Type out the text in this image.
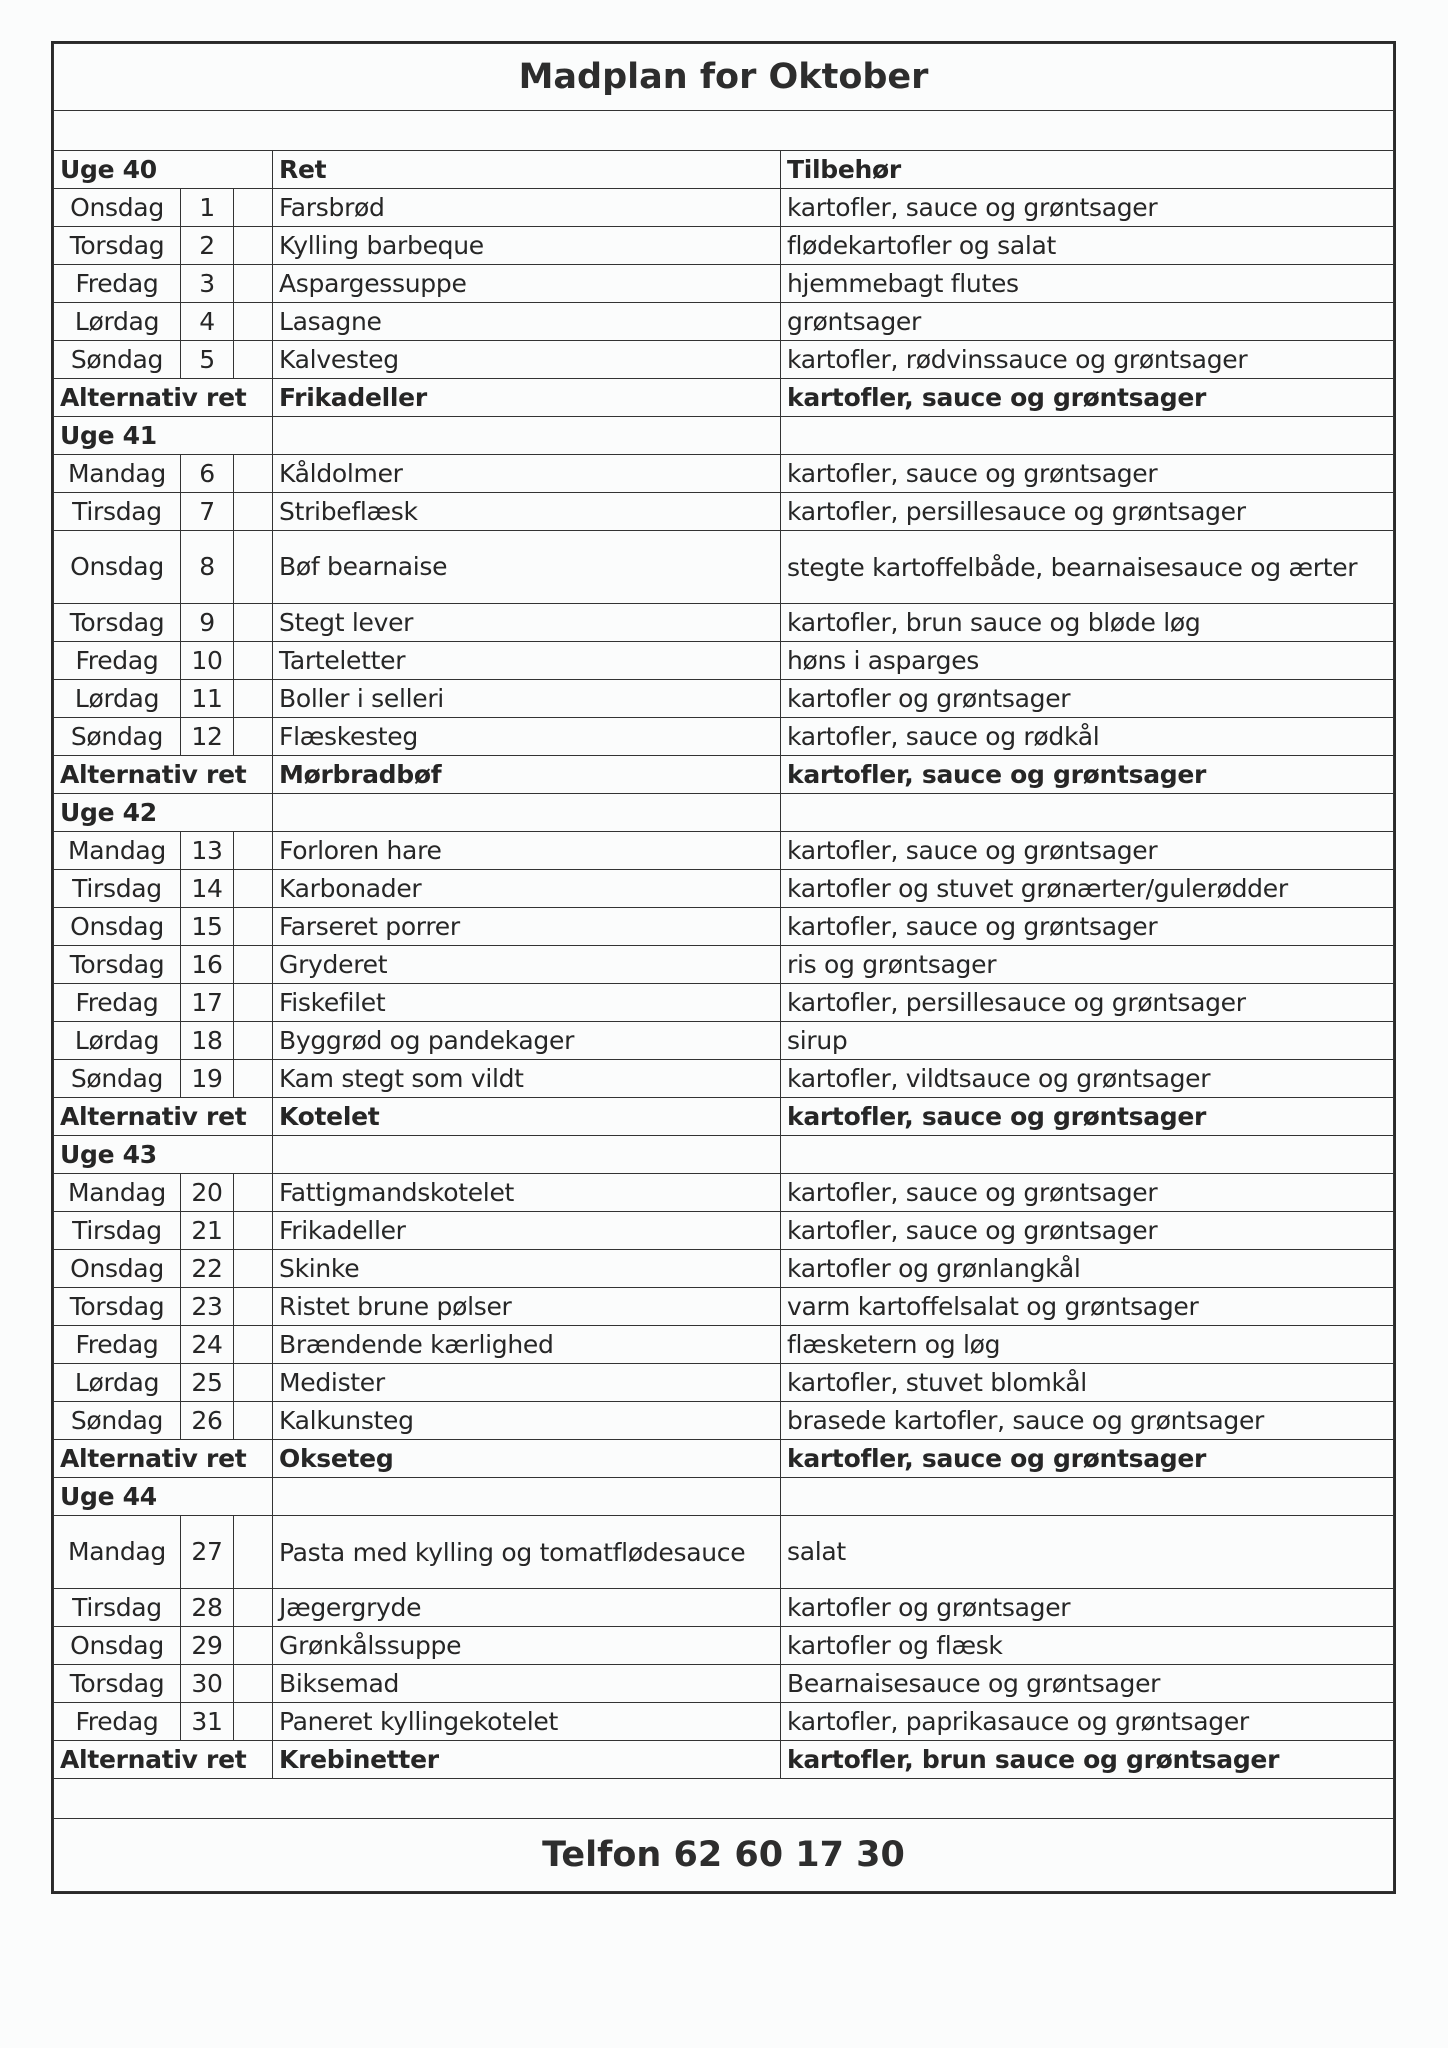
Madplan for Oktober				

Uge 40			Ret	Tilbehør
Onsdag	1		Farsbrød	kartofler, sauce og grøntsager
Torsdag	2		Kylling barbeque	flødekartofler og salat
Fredag	3		Aspargessuppe	hjemmebagt flutes
Lørdag	4		Lasagne	grøntsager
Søndag	5		Kalvesteg	kartofler, rødvinssauce og grøntsager
Alternativ ret			Frikadeller	kartofler, sauce og grøntsager
Uge 41				
Mandag	6		Kåldolmer	kartofler, sauce og grøntsager
Tirsdag	7		Stribeflæsk	kartofler, persillesauce og grøntsager
Onsdag	8		Bøf bearnaise	stegte kartoffelbåde, bearnaisesauce og ærter
Torsdag	9		Stegt lever	kartofler, brun sauce og bløde løg
Fredag	10		Tarteletter	høns i asparges
Lørdag	11		Boller i selleri	kartofler og grøntsager
Søndag	12		Flæskesteg	kartofler, sauce og rødkål
Alternativ ret			Mørbradbøf	kartofler, sauce og grøntsager
Uge 42				
Mandag	13		Forloren hare	kartofler, sauce og grøntsager
Tirsdag	14		Karbonader	kartofler og stuvet grønærter/gulerødder
Onsdag	15		Farseret porrer	kartofler, sauce og grøntsager
Torsdag	16		Gryderet	ris og grøntsager
Fredag	17		Fiskefilet	kartofler, persillesauce og grøntsager
Lørdag	18		Byggrød og pandekager	sirup
Søndag	19		Kam stegt som vildt	kartofler, vildtsauce og grøntsager
Alternativ ret			Kotelet	kartofler, sauce og grøntsager
Uge 43				
Mandag	20		Fattigmandskotelet	kartofler, sauce og grøntsager
Tirsdag	21		Frikadeller	kartofler, sauce og grøntsager
Onsdag	22		Skinke	kartofler og grønlangkål
Torsdag	23		Ristet brune pølser	varm kartoffelsalat og grøntsager
Fredag	24		Brændende kærlighed	flæsketern og løg
Lørdag	25		Medister	kartofler, stuvet blomkål
Søndag	26		Kalkunsteg	brasede kartofler, sauce og grøntsager
Alternativ ret			Okseteg	kartofler, sauce og grøntsager
Uge 44				
Mandag	27		Pasta med kylling og tomatflødesauce	salat
Tirsdag	28		Jægergryde	kartofler og grøntsager
Onsdag	29		Grønkålssuppe	kartofler og flæsk
Torsdag	30		Biksemad	Bearnaisesauce og grøntsager
Fredag	31		Paneret kyllingekotelet	kartofler, paprikasauce og grøntsager
Alternativ ret			Krebinetter	kartofler, brun sauce og grøntsager

Telfon 62 60 17 30				
